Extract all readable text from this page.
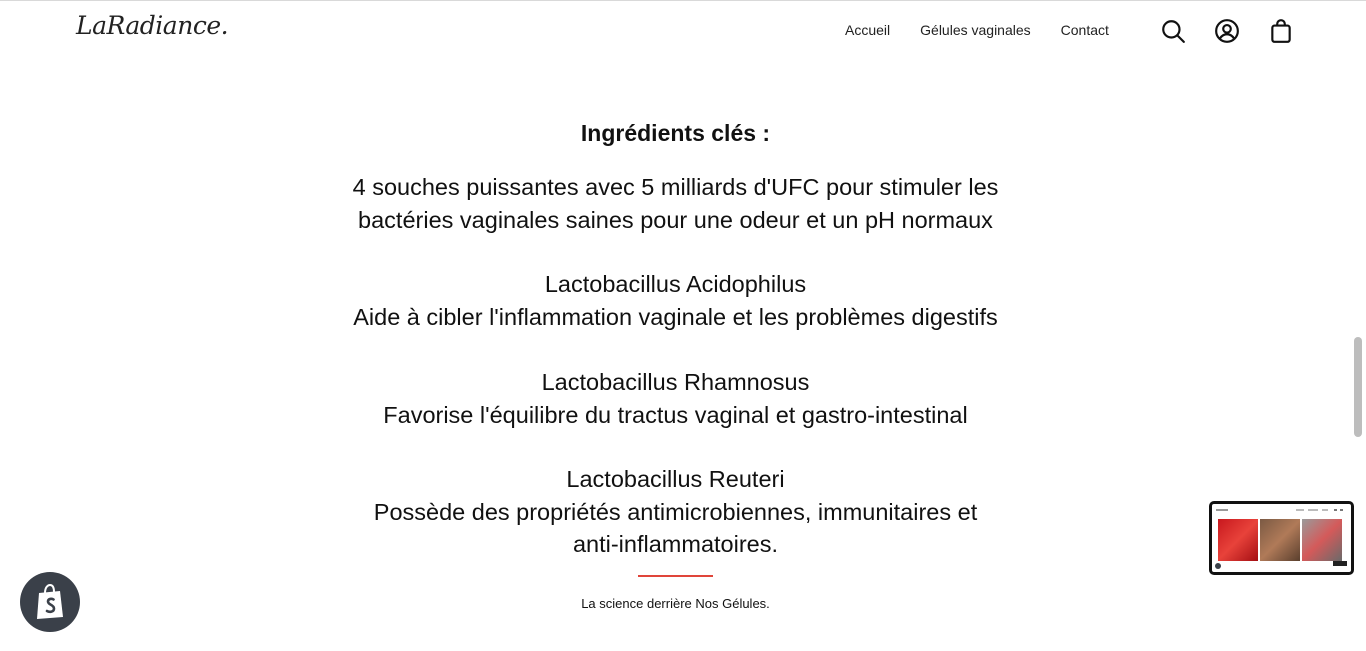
LaRadiance.	Accueil Gélules vaginales Contact
Ingrédients clés :
4 souches puissantes avec 5 milliards d'UFC pour stimuler les
bactéries vaginales saines pour une odeur et un pH normaux
Lactobacillus Acidophilus
Aide à cibler l'inflammation vaginale et les problèmes digestifs
Lactobacillus Rhamnosus
Favorise l'équilibre du tractus vaginal et gastro-intestinal
Lactobacillus Reuteri
Possède des propriétés antimicrobiennes, immunitaires et
anti-inflammatoires.
La science derrière Nos Gélules.
